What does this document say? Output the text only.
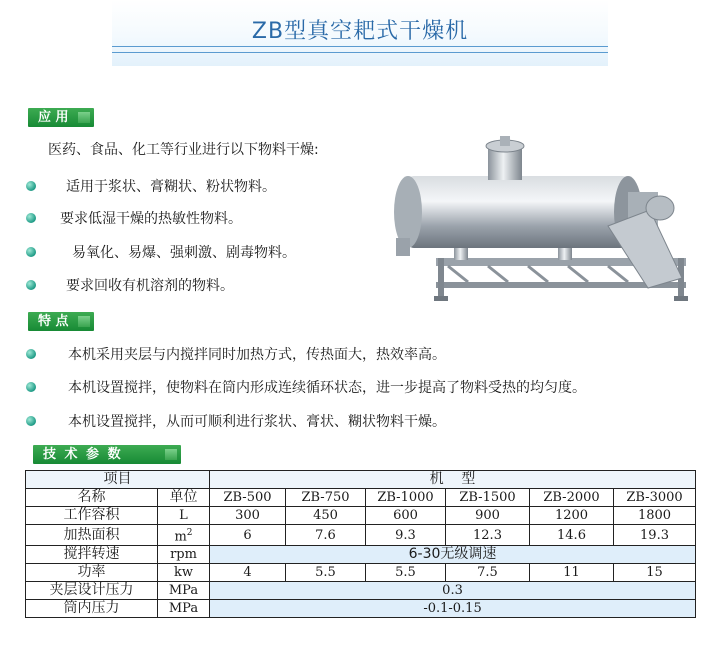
ZB型真空耙式干燥机
应 用
医药、食品、化工等行业进行以下物料干燥:
适用于浆状、膏糊状、粉状物料。
要求低湿干燥的热敏性物料。
易氧化、易爆、强刺激、剧毒物料。
要求回收有机溶剂的物料。
特 点
本机采用夹层与内搅拌同时加热方式，传热面大，热效率高。
本机设置搅拌，使物料在筒内形成连续循环状态，进一步提高了物料受热的均匀度。
本机设置搅拌，从而可顺利进行浆状、膏状、糊状物料干燥。
技 术 参 数
项目		机    型					
名称	单位	ZB-500	ZB-750	ZB-1000	ZB-1500	ZB-2000	ZB-3000
工作容积	L	300	450	600	900	1200	1800
加热面积	$m^2$	6	7.6	9.3	12.3	14.6	19.3
搅拌转速	rpm	6-30无级调速					
功率	kw	4	5.5	5.5	7.5	11	15
夹层设计压力	MPa	0.3					
筒内压力	MPa	-0.1-0.15					
